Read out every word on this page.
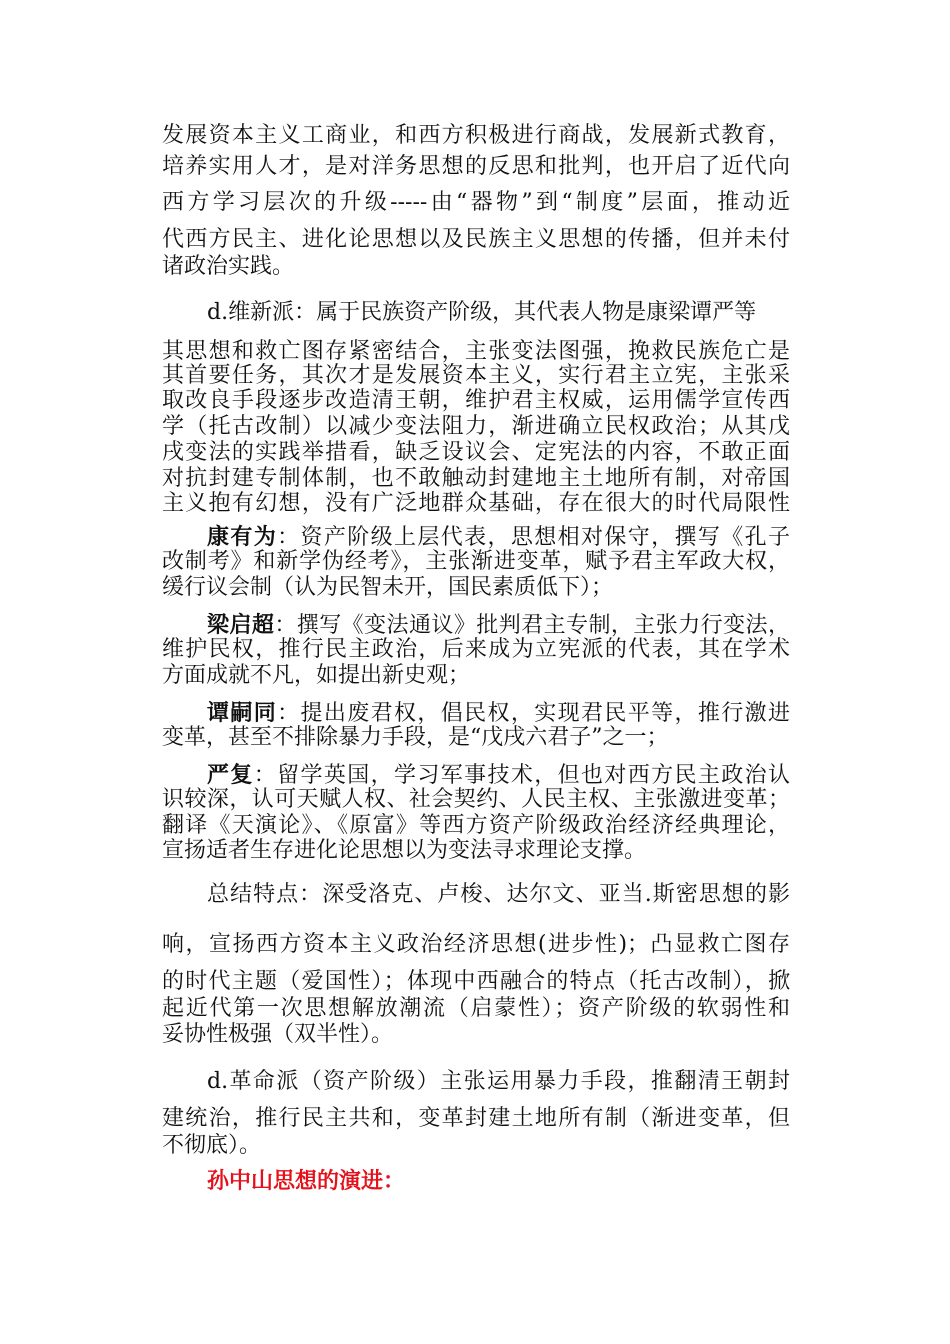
发展资本主义工商业，和西方积极进行商战，发展新式教育，
培养实用人才，是对洋务思想的反思和批判，也开启了近代向
西方学习层次的升级-----由“器物”到“制度”层面，推动近
代西方民主、进化论思想以及民族主义思想的传播，但并未付
诸政治实践。
d.维新派：属于民族资产阶级，其代表人物是康梁谭严等
其思想和救亡图存紧密结合，主张变法图强，挽救民族危亡是
其首要任务，其次才是发展资本主义，实行君主立宪，主张采
取改良手段逐步改造清王朝，维护君主权威，运用儒学宣传西
学（托古改制）以减少变法阻力，渐进确立民权政治；从其戊
戌变法的实践举措看，缺乏设议会、定宪法的内容，不敢正面
对抗封建专制体制，也不敢触动封建地主土地所有制，对帝国
主义抱有幻想，没有广泛地群众基础，存在很大的时代局限性
康有为：资产阶级上层代表，思想相对保守，撰写《孔子
改制考》和新学伪经考》，主张渐进变革，赋予君主军政大权，
缓行议会制（认为民智未开，国民素质低下）；
梁启超：撰写《变法通议》批判君主专制，主张力行变法，
维护民权，推行民主政治，后来成为立宪派的代表，其在学术
方面成就不凡，如提出新史观；
谭嗣同：提出废君权，倡民权，实现君民平等，推行激进
变革，甚至不排除暴力手段，是“戊戌六君子”之一；
严复：留学英国，学习军事技术，但也对西方民主政治认
识较深，认可天赋人权、社会契约、人民主权、主张激进变革；
翻译《天演论》、《原富》等西方资产阶级政治经济经典理论，
宣扬适者生存进化论思想以为变法寻求理论支撑。
总结特点：深受洛克、卢梭、达尔文、亚当.斯密思想的影
响，宣扬西方资本主义政治经济思想(进步性)；凸显救亡图存
的时代主题（爱国性）；体现中西融合的特点（托古改制），掀
起近代第一次思想解放潮流（启蒙性）；资产阶级的软弱性和
妥协性极强（双半性）。
d.革命派（资产阶级）主张运用暴力手段，推翻清王朝封
建统治，推行民主共和，变革封建土地所有制（渐进变革，但
不彻底）。
孙中山思想的演进：
